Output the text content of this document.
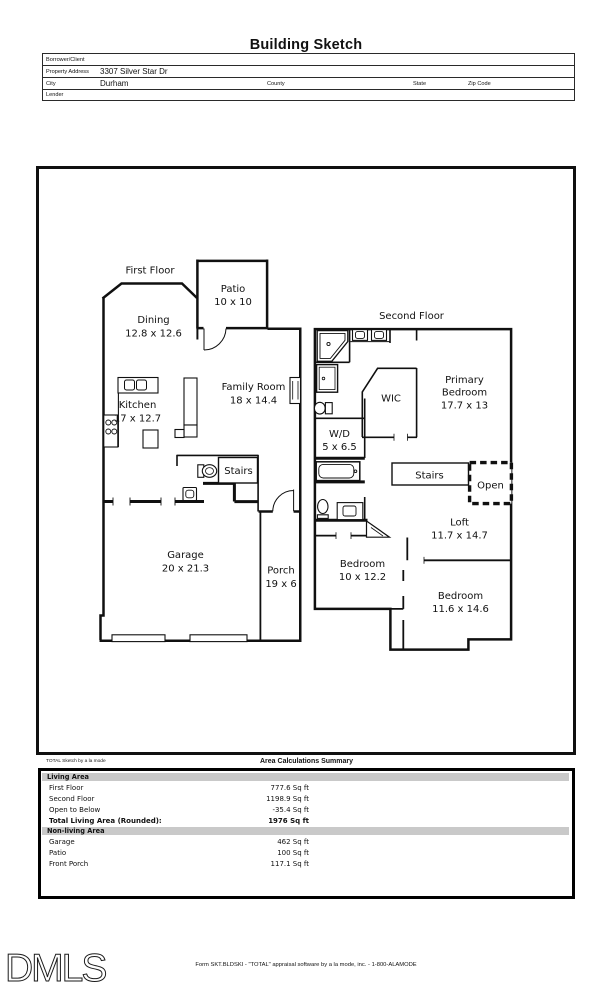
Building Sketch
Borrower/Client
Property Address 3307 Silver Star Dr
City	Durham	County	State	Zip Code
Lender
First Floor
Patio
10 x 10
Dining
12.8 x 12.6
Kitchen
17 x 12.7
Family Room
18 x 14.4
Stairs
Garage
20 x 21.3	Porch
19 x 6
Second Floor
Primary
Bedroom
17.7 x 13
WIC
W/D
5 x 6.5
Stairs
Open
Loft
11.7 x 14.7
Bedroom
10 x 12.2
Bedroom
11.6 x 14.6
TOTAL Sketch by a la mode	Area Calculations Summary
Living Area
First Floor	777.6 Sq ft
Second Floor	1198.9 Sq ft
Open to Below	-35.4 Sq ft
Total Living Area (Rounded):	1976 Sq ft
Non-living Area
Garage	462 Sq ft
Patio	100 Sq ft
Front Porch	117.1 Sq ft
DMLS	Form SKT.BLDSKI - "TOTAL" appraisal software by a la mode, inc. - 1-800-ALAMODE
